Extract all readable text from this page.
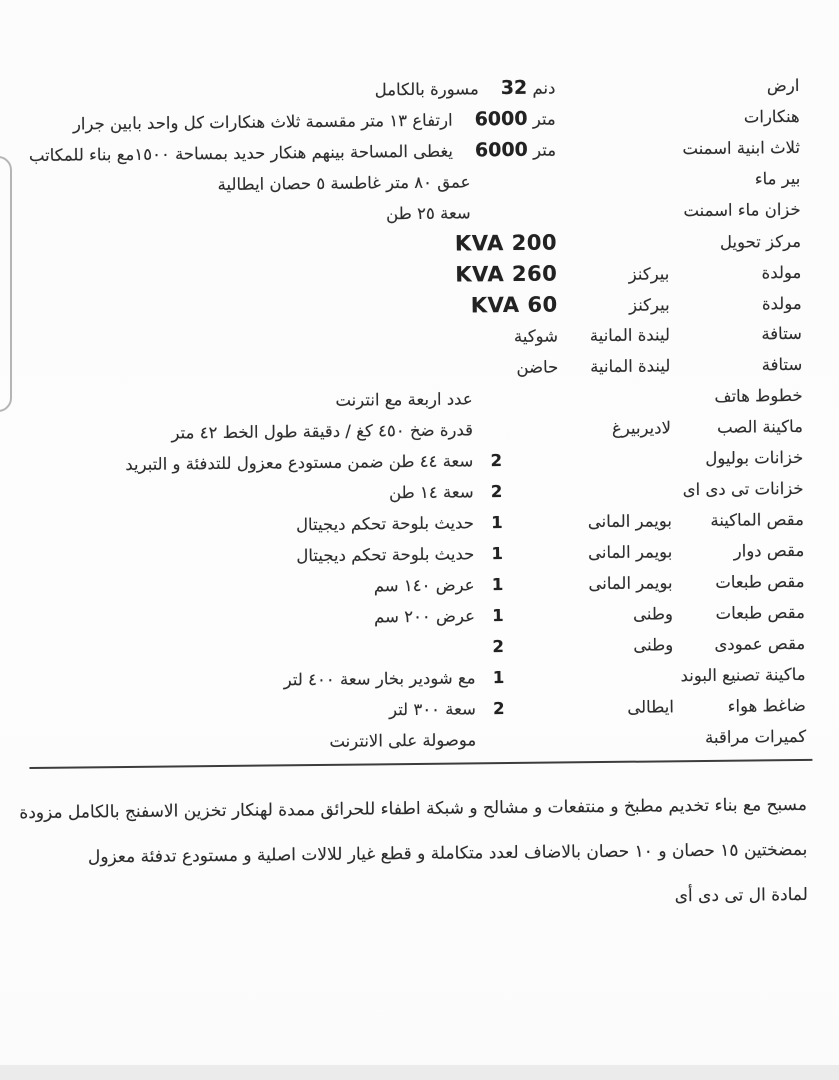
ارض
دنم 32مسورة بالكامل
هنكارات
متر 6000ارتفاع ١٣ متر مقسمة ثلاث هنكارات كل واحد بابين جرار
ثلاث ابنية اسمنت
متر 6000يغطى المساحة بينهم هنكار حديد بمساحة ١٥٠٠مع بناء للمكاتب
بير ماء
عمق ٨٠ متر غاطسة ٥ حصان ايطالية
خزان ماء اسمنت
سعة ٢٥ طن
مركز تحويل
200 KVA
مولدة
بيركنز
260 KVA
مولدة
بيركنز
60 KVA
ستافة
ليندة المانية
شوكية
ستافة
ليندة المانية
حاضن
خطوط هاتف
عدد اربعة مع انترنت
ماكينة الصب
لاديربيرغ
قدرة ضخ ٤٥٠ كغ / دقيقة طول الخط ٤٢ متر
خزانات بوليول
2سعة ٤٤ طن ضمن مستودع معزول للتدفئة و التبريد
خزانات تى دى اى
2سعة ١٤ طن
مقص الماكينة
بويمر المانى
1حديث بلوحة تحكم ديجيتال
مقص دوار
بويمر المانى
1حديث بلوحة تحكم ديجيتال
مقص طبعات
بويمر المانى
1عرض ١٤٠ سم
مقص طبعات
وطنى
1عرض ٢٠٠ سم
مقص عمودى
وطنى
2
ماكينة تصنيع البوند
1مع شودير بخار سعة ٤٠٠ لتر
ضاغط هواء
ايطالى
2سعة ٣٠٠ لتر
كميرات مراقبة
موصولة على الانترنت
مسبح مع بناء تخديم مطبخ و منتفعات و مشالح و شبكة اطفاء للحرائق ممدة لهنكار تخزين الاسفنج بالكامل مزودة
بمضختين ١٥ حصان و ١٠ حصان بالاضاف لعدد متكاملة و قطع غيار للالات اصلية و مستودع تدفئة معزول
لمادة ال تى دى أى
